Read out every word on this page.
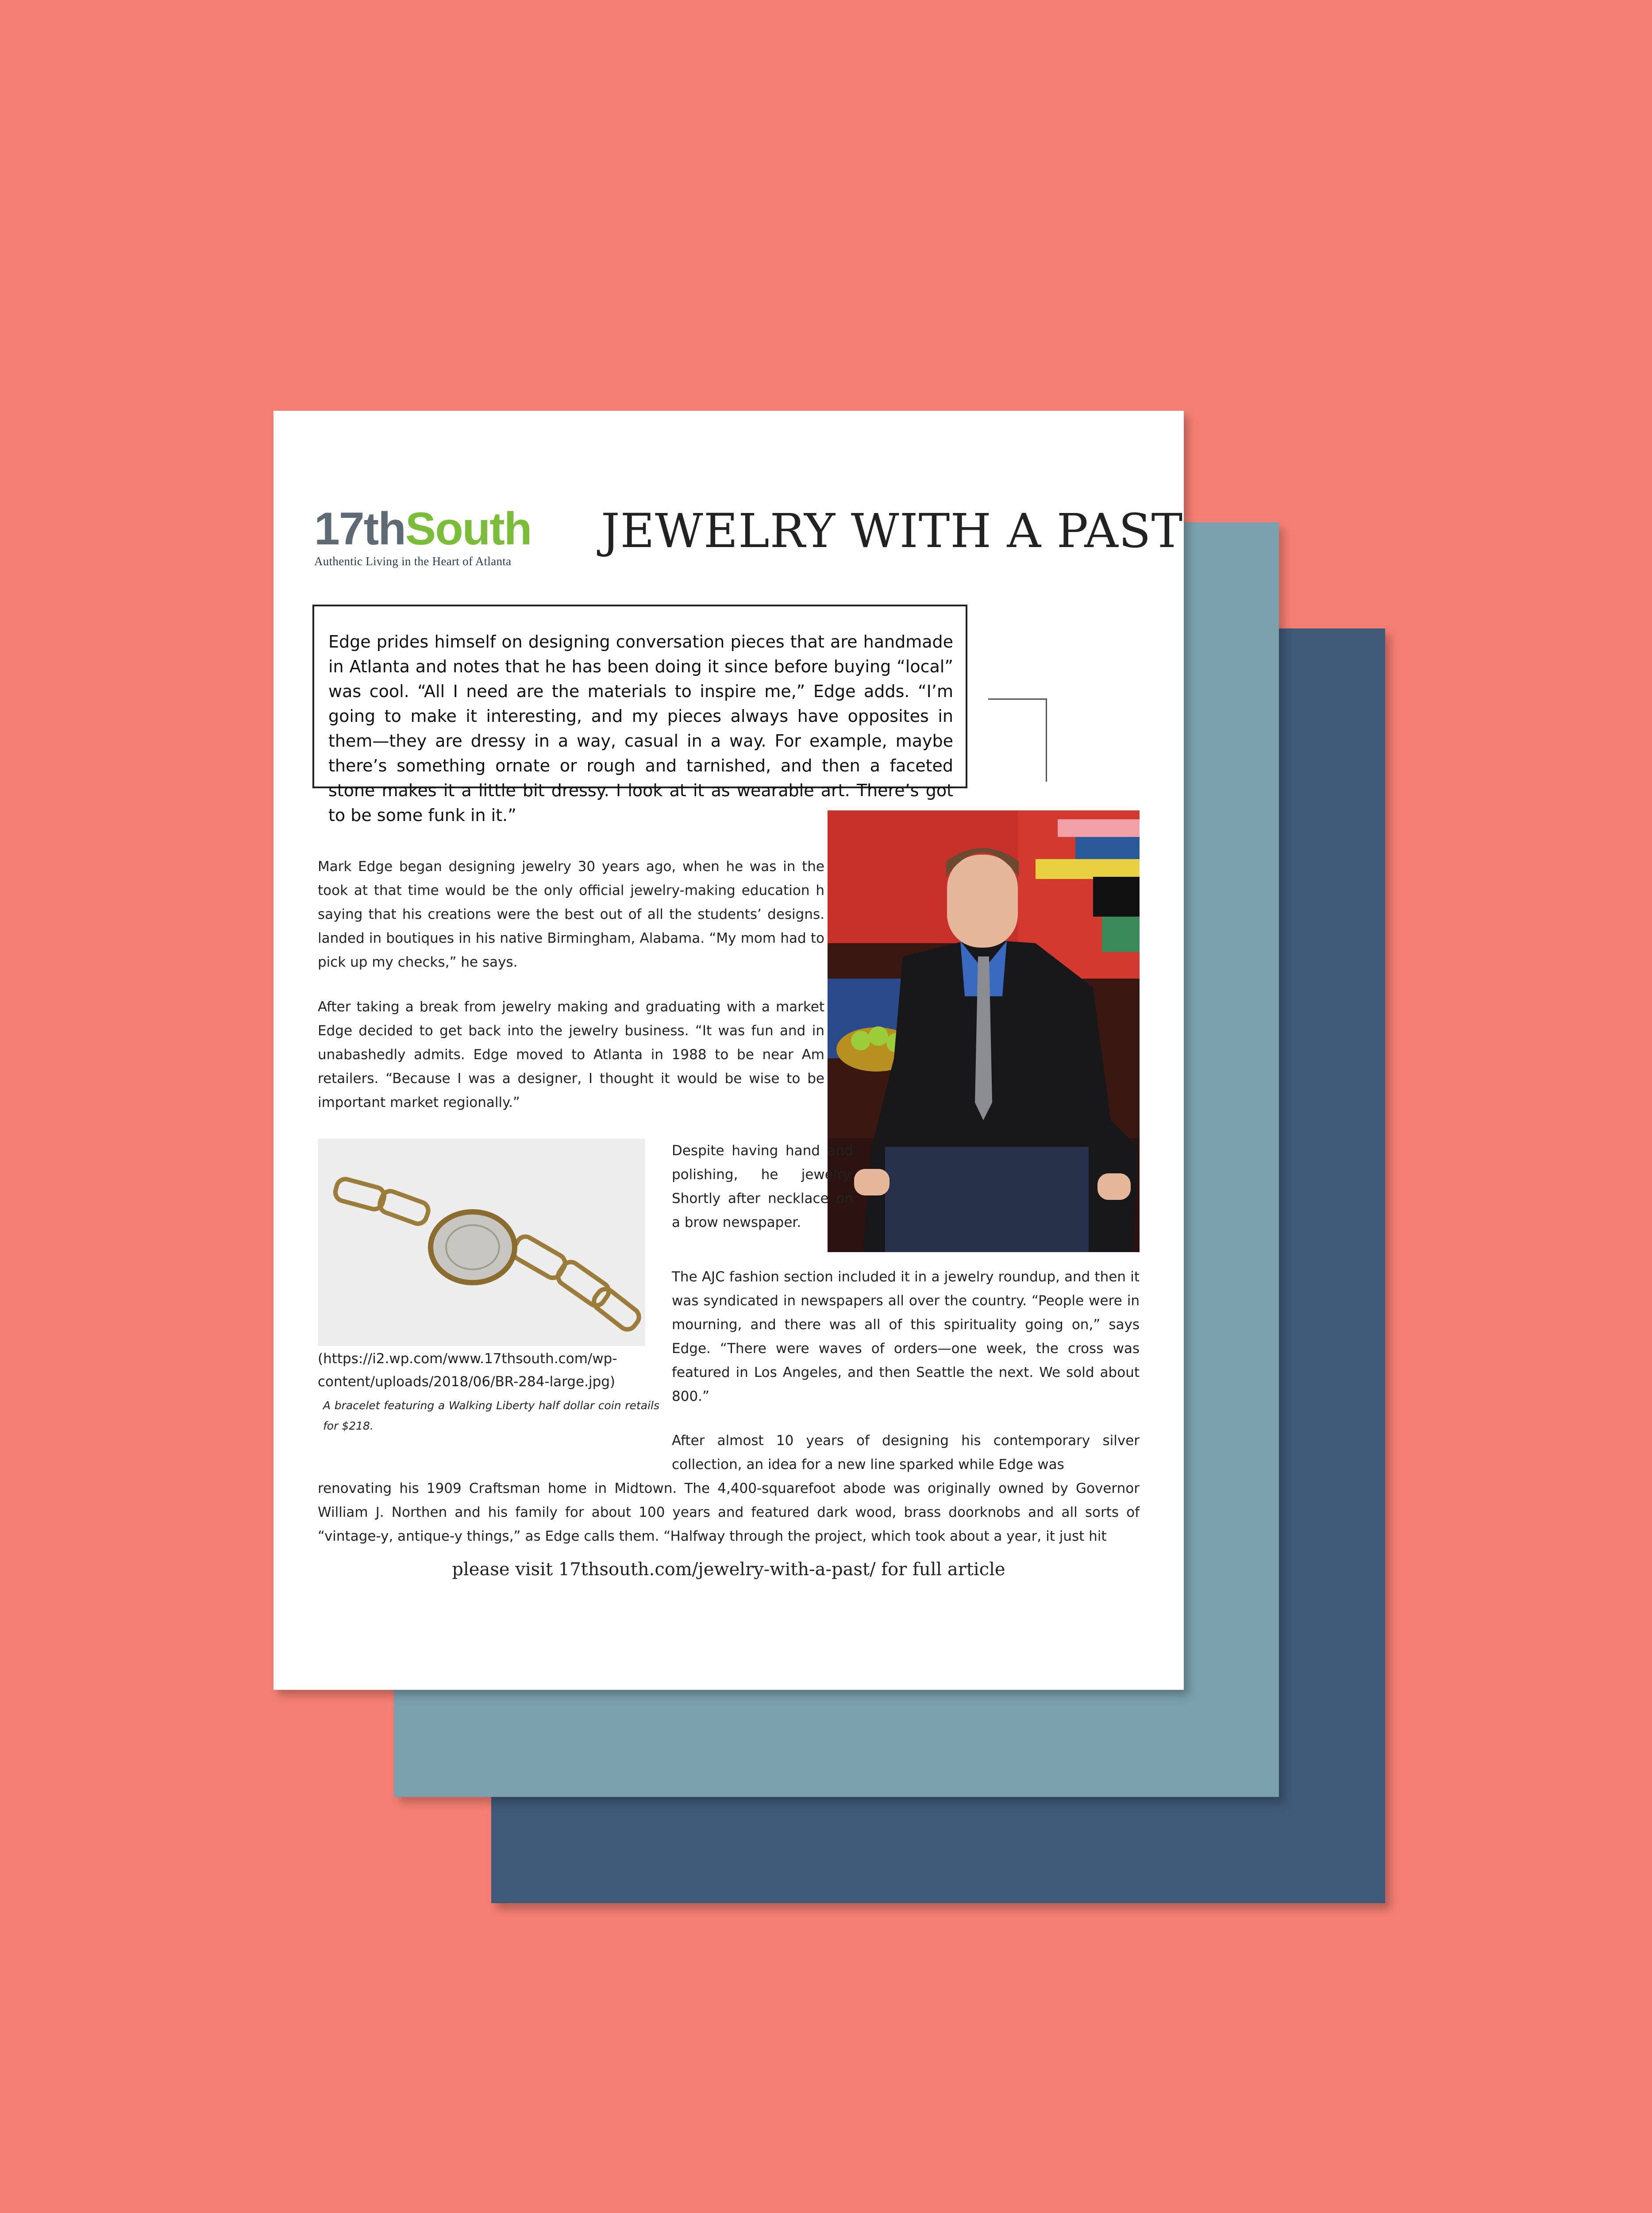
17thSouth
Authentic Living in the Heart of Atlanta
JEWELRY WITH A PAST
Edge prides himself on designing conversation pieces that are handmade in Atlanta and notes that he has been doing it since before buying “local” was cool. “All I need are the materials to inspire me,” Edge adds. “I’m going to make it interesting, and my pieces always have opposites in them—they are dressy in a way, casual in a way. For example, maybe there’s something ornate or rough and tarnished, and then a faceted stone makes it a little bit dressy. I look at it as wearable art. There’s got to be some funk in it.”
Mark Edge began designing jewelry 30 years ago, when he was in the took at that time would be the only official jewelry-making education h saying that his creations were the best out of all the students’ designs. landed in boutiques in his native Birmingham, Alabama. “My mom had to pick up my checks,” he says.
After taking a break from jewelry making and graduating with a market Edge decided to get back into the jewelry business. “It was fun and in unabashedly admits. Edge moved to Atlanta in 1988 to be near Am retailers. “Because I was a designer, I thought it would be wise to be important market regionally.”
Despite having hand and polishing, he jewelry. Shortly after necklace on a brow newspaper.
The AJC fashion section included it in a jewelry roundup, and then it was syndicated in newspapers all over the country. “People were in mourning, and there was all of this spirituality going on,” says Edge. “There were waves of orders—one week, the cross was featured in Los Angeles, and then Seattle the next. We sold about 800.”
After almost 10 years of designing his contemporary silver collection, an idea for a new line sparked while Edge was
renovating his 1909 Craftsman home in Midtown. The 4,400-squarefoot abode was originally owned by Governor William J. Northen and his family for about 100 years and featured dark wood, brass doorknobs and all sorts of “vintage-y, antique-y things,” as Edge calls them. “Halfway through the project, which took about a year, it just hit
(https://i2.wp.com/www.17thsouth.com/wp-content/uploads/2018/06/BR-284-large.jpg)
A bracelet featuring a Walking Liberty half dollar coin retails for $218.
please visit 17thsouth.com/jewelry-with-a-past/ for full article
